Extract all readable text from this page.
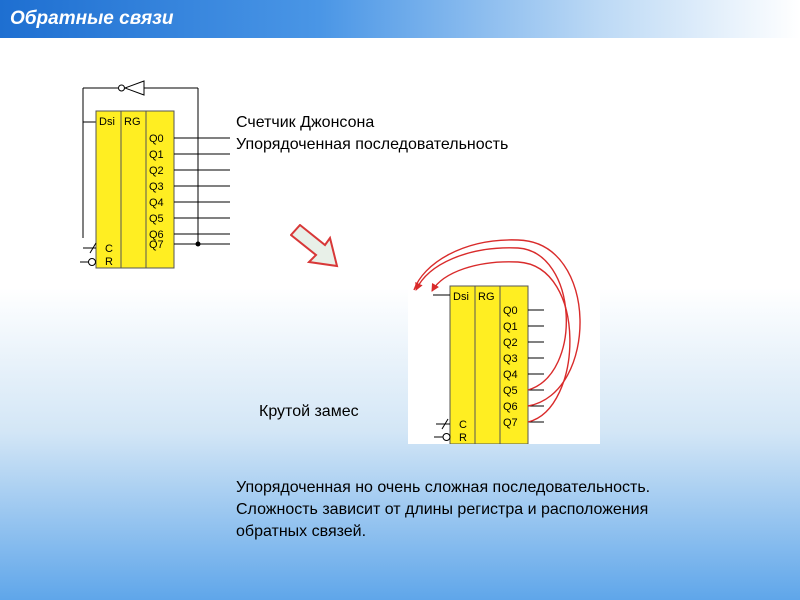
Обратные связи
Dsi RG
Q0
Q1
Q2
Q3
Q4
Q5
Q6
Q7
C
R
Счетчик Джонсона
Упорядоченная последовательность
Dsi RG
Q0
Q1
Q2
Q3
Q4
Q5
Q6
Q7
C
R
Крутой замес
Упорядоченная но очень сложная последовательность.
Сложность зависит от длины регистра и расположения
обратных связей.
